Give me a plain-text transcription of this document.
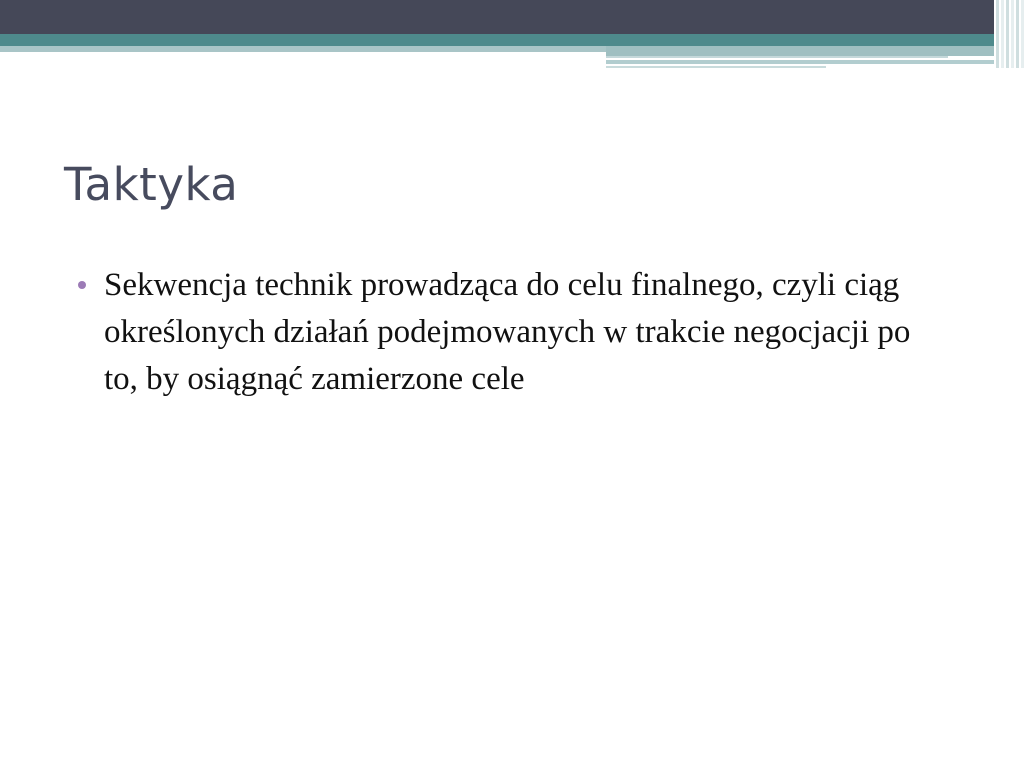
Taktyka
Sekwencja technik prowadząca do celu finalnego, czyli ciąg określonych działań podejmowanych w trakcie negocjacji po to, by osiągnąć zamierzone cele
